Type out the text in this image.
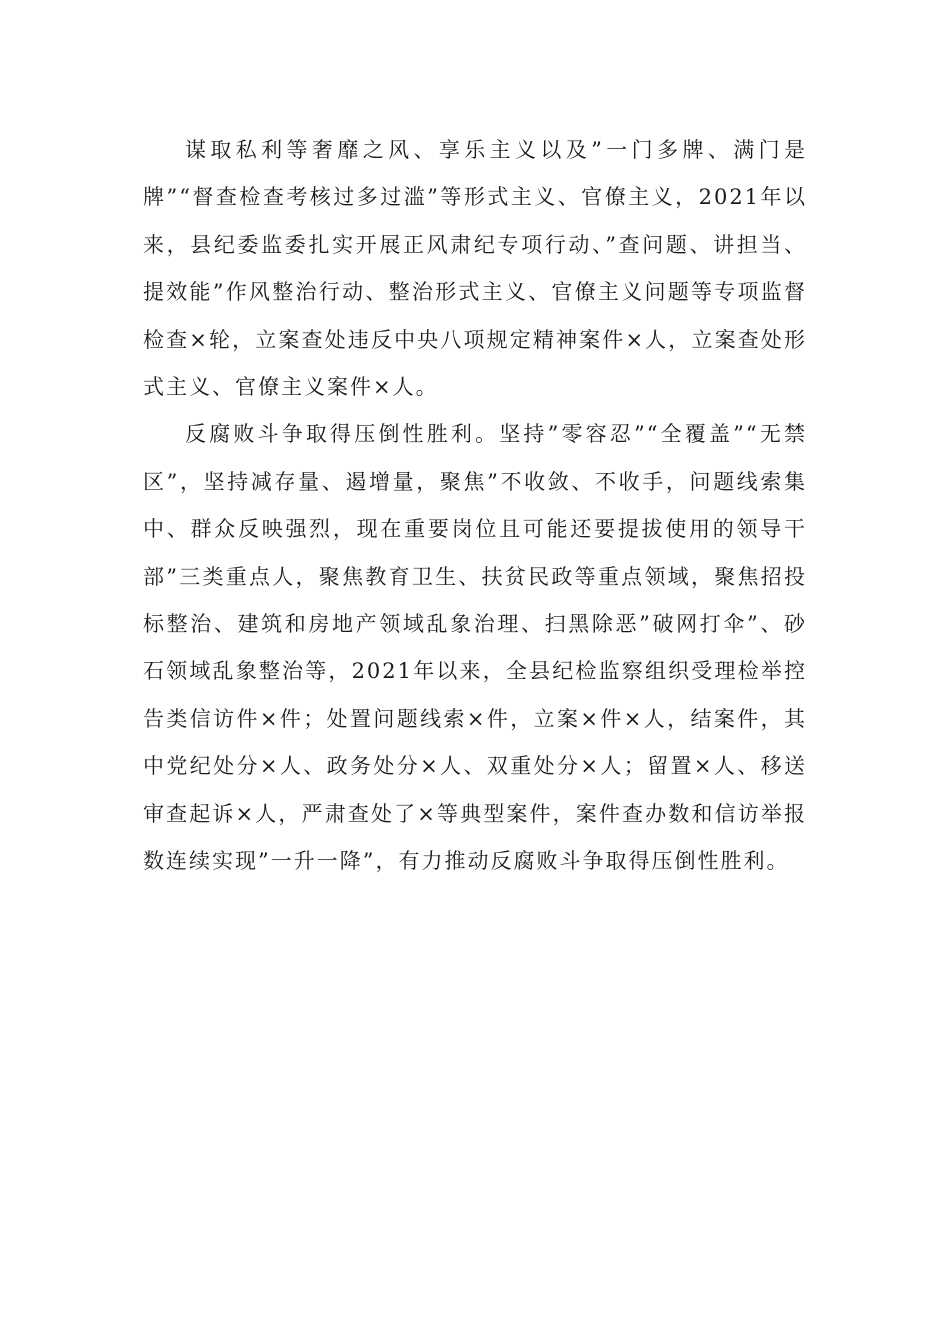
谋取私利等奢靡之风、享乐主义以及”一门多牌、满门是牌”“督查检查考核过多过滥”等形式主义、官僚主义，2021年以来，县纪委监委扎实开展正风肃纪专项行动、”查问题、讲担当、提效能”作风整治行动、整治形式主义、官僚主义问题等专项监督检查×轮，立案查处违反中央八项规定精神案件×人，立案查处形式主义、官僚主义案件×人。

反腐败斗争取得压倒性胜利。坚持”零容忍”“全覆盖”“无禁区”，坚持减存量、遏增量，聚焦”不收敛、不收手，问题线索集中、群众反映强烈，现在重要岗位且可能还要提拔使用的领导干部”三类重点人，聚焦教育卫生、扶贫民政等重点领域，聚焦招投标整治、建筑和房地产领域乱象治理、扫黑除恶”破网打伞”、砂石领域乱象整治等，2021年以来，全县纪检监察组织受理检举控告类信访件×件；处置问题线索×件，立案×件×人，结案件，其中党纪处分×人、政务处分×人、双重处分×人；留置×人、移送审查起诉×人，严肃查处了×等典型案件，案件查办数和信访举报数连续实现”一升一降”，有力推动反腐败斗争取得压倒性胜利。
